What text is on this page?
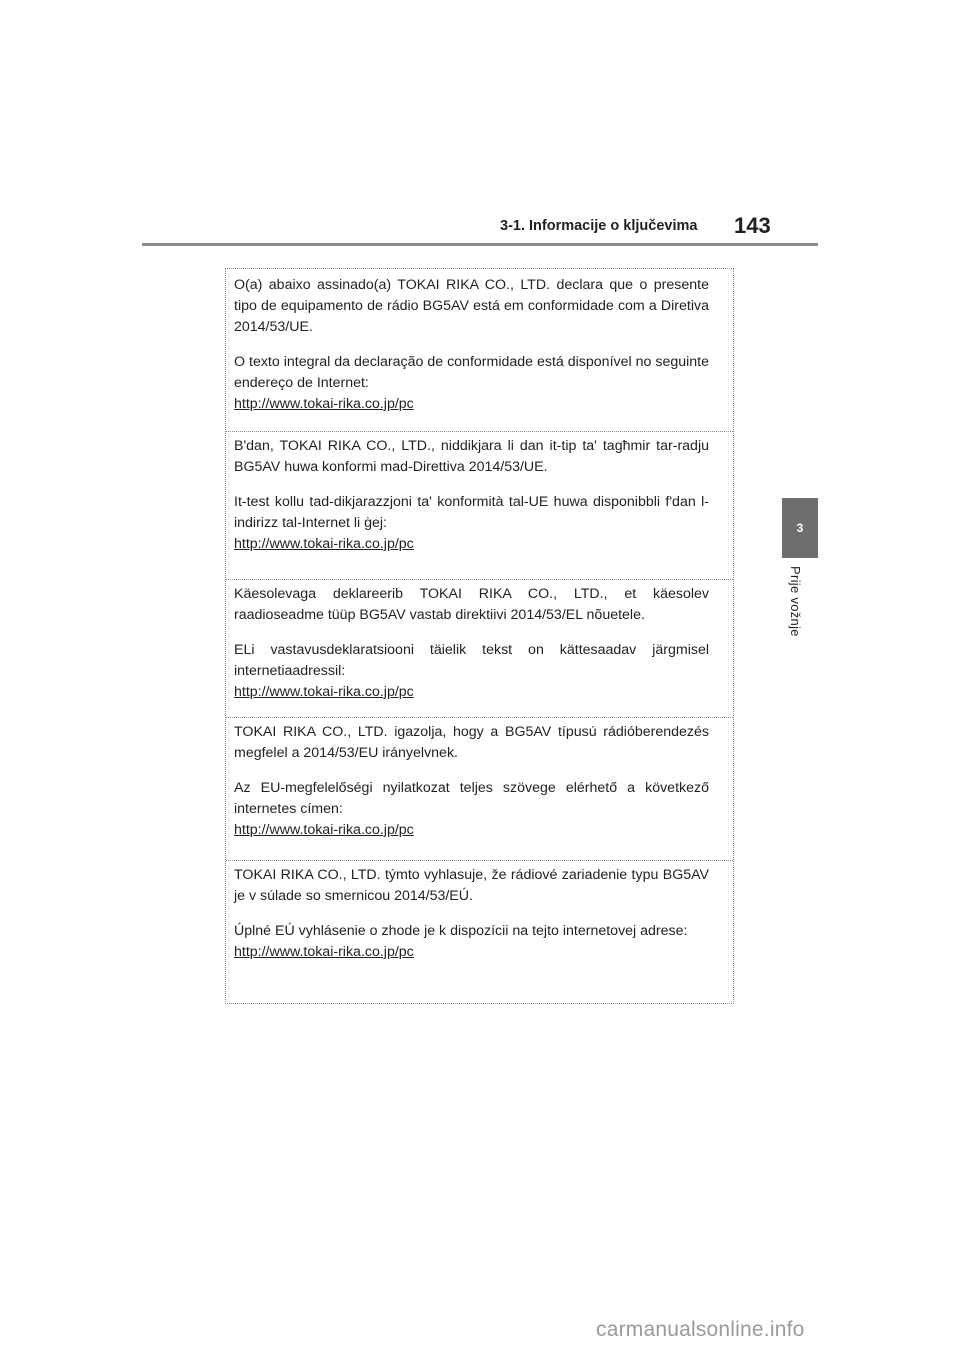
3-1. Informacije o ključevima 143
3
Prije vožnje

O(a) abaixo assinado(a) TOKAI RIKA CO., LTD. declara que o presente tipo de equipamento de rádio BG5AV está em conformidade com a Diretiva 2014/53/UE.

O texto integral da declaração de conformidade está disponível no seguinte endereço de Internet:

http://www.tokai-rika.co.jp/pc

B'dan, TOKAI RIKA CO., LTD., niddikjara li dan it-tip ta' tagħmir tar-radju BG5AV huwa konformi mad-Direttiva 2014/53/UE.

It-test kollu tad-dikjarazzjoni ta' konformità tal-UE huwa disponibbli f'dan l-indirizz tal-Internet li ġej:

http://www.tokai-rika.co.jp/pc

Käesolevaga deklareerib TOKAI RIKA CO., LTD., et käesolev raadioseadme tüüp BG5AV vastab direktiivi 2014/53/EL nõuetele.

ELi vastavusdeklaratsiooni täielik tekst on kättesaadav järgmisel internetiaadressil:

http://www.tokai-rika.co.jp/pc

TOKAI RIKA CO., LTD. igazolja, hogy a BG5AV típusú rádióberendezés megfelel a 2014/53/EU irányelvnek.

Az EU-megfelelőségi nyilatkozat teljes szövege elérhető a következő internetes címen:

http://www.tokai-rika.co.jp/pc

TOKAI RIKA CO., LTD. týmto vyhlasuje, že rádiové zariadenie typu BG5AV je v súlade so smernicou 2014/53/EÚ.

Úplné EÚ vyhlásenie o zhode je k dispozícii na tejto internetovej adrese:

http://www.tokai-rika.co.jp/pc
carmanualsonline.info
